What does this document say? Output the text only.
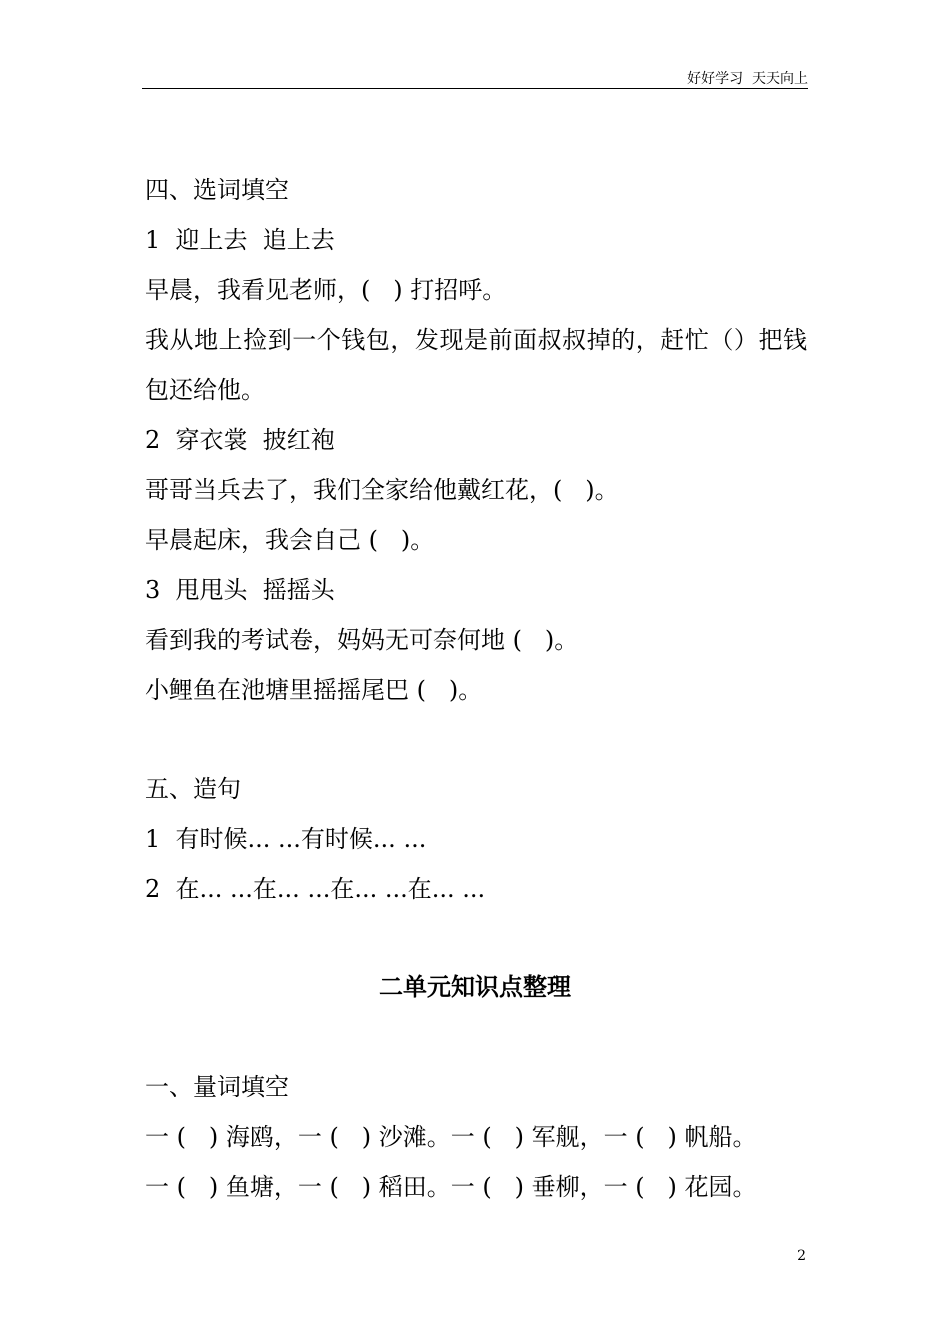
好好学习  天天向上
四、选词填空
1  迎上去  追上去
早晨，我看见老师，(   ) 打招呼。
我从地上捡到一个钱包，发现是前面叔叔掉的，赶忙（）把钱
包还给他。
2  穿衣裳  披红袍
哥哥当兵去了，我们全家给他戴红花，(   )。
早晨起床，我会自己 (   )。
3  甩甩头  摇摇头
看到我的考试卷，妈妈无可奈何地 (   )。
小鲤鱼在池塘里摇摇尾巴 (   )。
五、造句
1  有时候... ...有时候... ...
2  在... ...在... ...在... ...在... ...
二单元知识点整理
一、量词填空
一 (   ) 海鸥，一 (   ) 沙滩。一 (   ) 军舰，一 (   ) 帆船。
一 (   ) 鱼塘，一 (   ) 稻田。一 (   ) 垂柳，一 (   ) 花园。
2
